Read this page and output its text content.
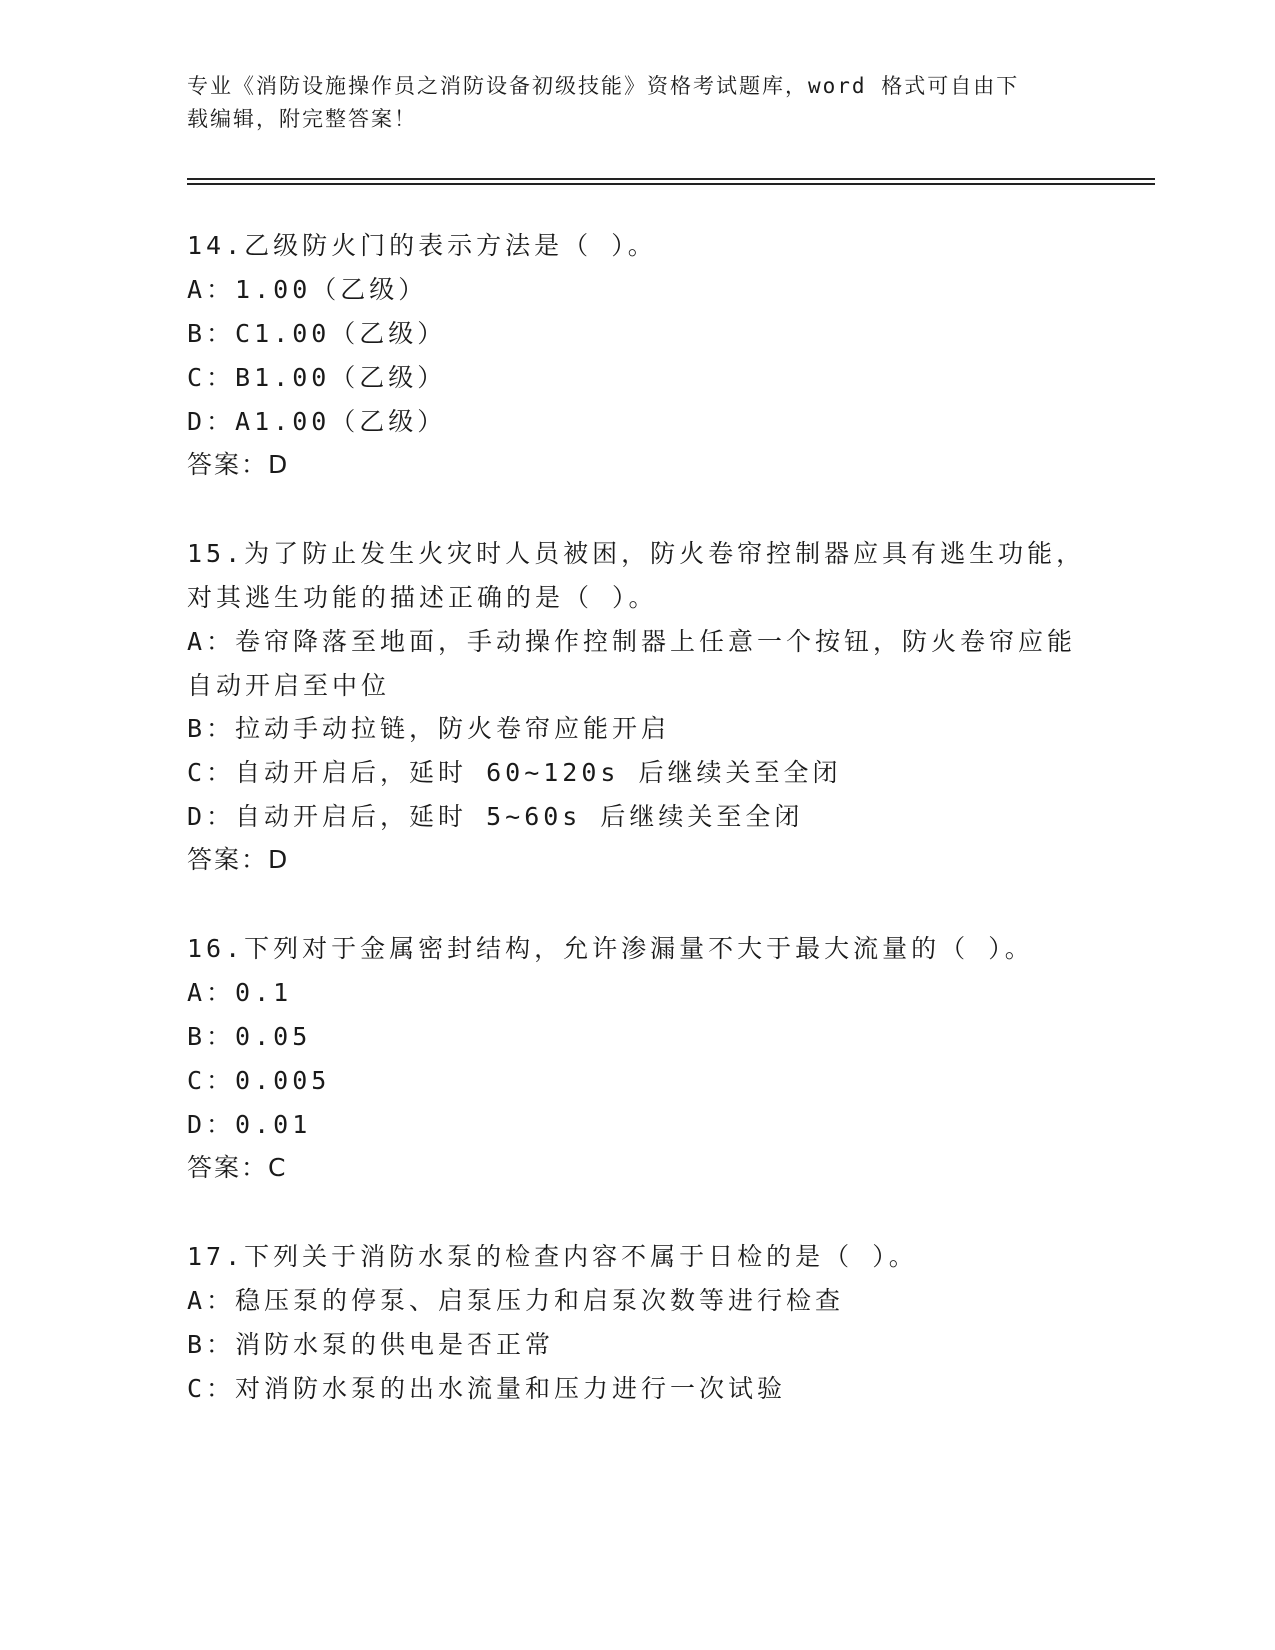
专业《消防设施操作员之消防设备初级技能》资格考试题库，word 格式可自由下
载编辑，附完整答案！
14.乙级防火门的表示方法是（ ）。
A：1.00（乙级）
B：C1.00（乙级）
C：B1.00（乙级）
D：A1.00（乙级）
答案：D
15.为了防止发生火灾时人员被困，防火卷帘控制器应具有逃生功能，
对其逃生功能的描述正确的是（ ）。
A：卷帘降落至地面，手动操作控制器上任意一个按钮，防火卷帘应能
自动开启至中位
B：拉动手动拉链，防火卷帘应能开启
C：自动开启后，延时 60~120s 后继续关至全闭
D：自动开启后，延时 5~60s 后继续关至全闭
答案：D
16.下列对于金属密封结构，允许渗漏量不大于最大流量的（ ）。
A：0.1
B：0.05
C：0.005
D：0.01
答案：C
17.下列关于消防水泵的检查内容不属于日检的是（ ）。
A：稳压泵的停泵、启泵压力和启泵次数等进行检查
B：消防水泵的供电是否正常
C：对消防水泵的出水流量和压力进行一次试验
